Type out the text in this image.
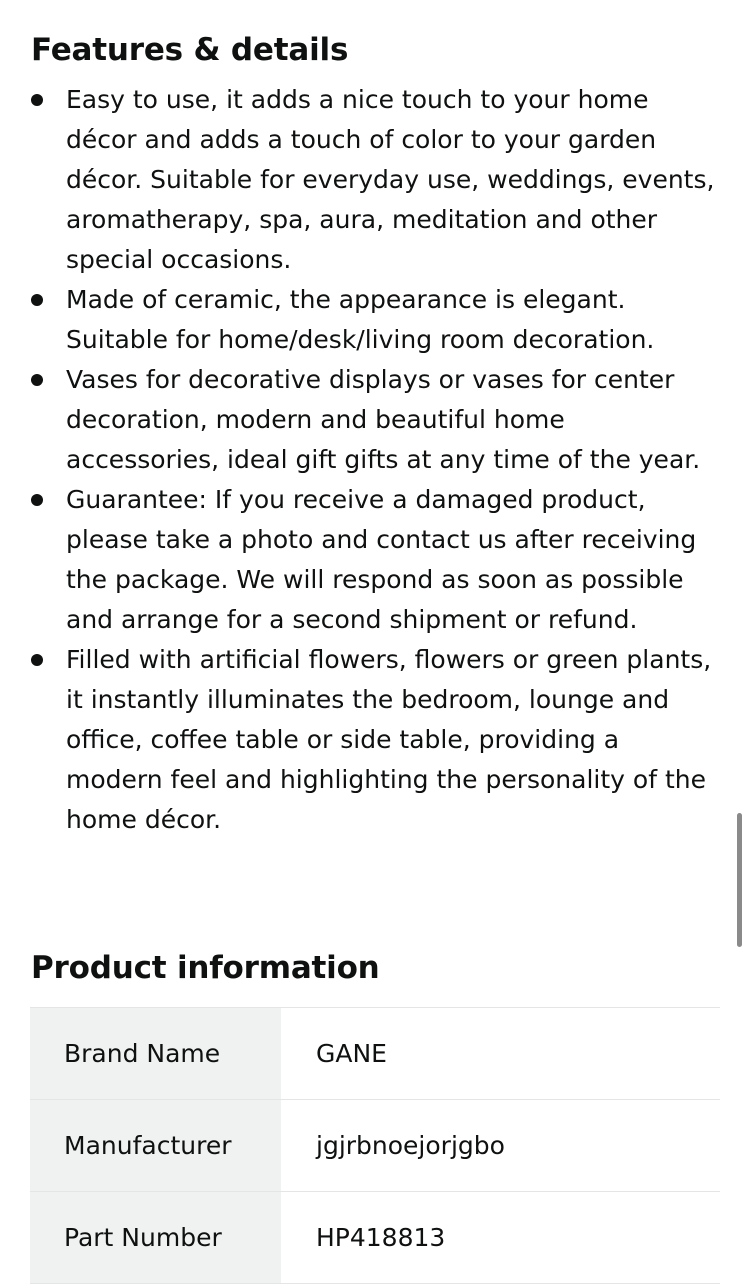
Features & details
Easy to use, it adds a nice touch to your home décor and adds a touch of color to your garden décor. Suitable for everyday use, weddings, events, aromatherapy, spa, aura, meditation and other special occasions.
Made of ceramic, the appearance is elegant. Suitable for home/desk/living room decoration.
Vases for decorative displays or vases for center decoration, modern and beautiful home accessories, ideal gift gifts at any time of the year.
Guarantee: If you receive a damaged product, please take a photo and contact us after receiving the package. We will respond as soon as possible and arrange for a second shipment or refund.
Filled with artificial flowers, flowers or green plants, it instantly illuminates the bedroom, lounge and office, coffee table or side table, providing a modern feel and highlighting the personality of the home décor.
Product information
Brand Name	GANE
Manufacturer	jgjrbnoejorjgbo
Part Number	HP418813
